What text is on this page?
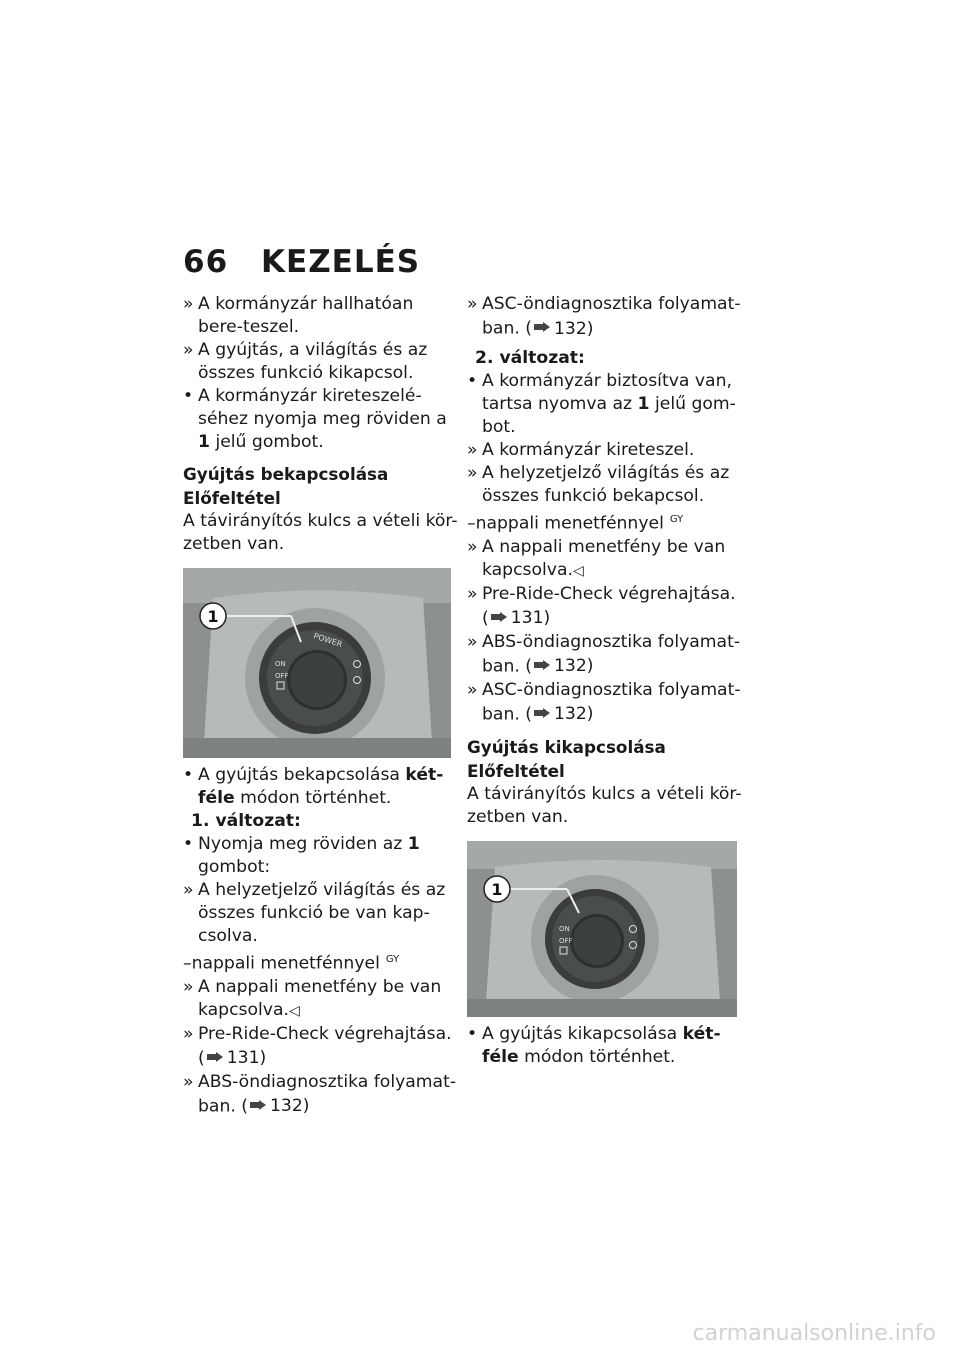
66 KEZELÉS
» A kormányzár hallhatóan bere-teszel.
» A gyújtás, a világítás és az összes funkció kikapcsol.
• A kormányzár kireteszelé-séhez nyomja meg röviden a 1 jelű gombot.
Gyújtás bekapcsolása
Előfeltétel
A távirányítós kulcs a vételi kör-zetben van.
1
POWER
ON
OFF
• A gyújtás bekapcsolása két-féle módon történhet.
1. változat:
• Nyomja meg röviden az 1 gombot:
» A helyzetjelző világítás és az összes funkció be van kap-csolva.
–nappali menetfénnyel $^{GY}$
» A nappali menetfény be van kapcsolva.◁
» Pre-Ride-Check végrehajtása.
( 131)
» ABS-öndiagnosztika folyamat-ban. ( 132)
» ASC-öndiagnosztika folyamat-ban. ( 132)
2. változat:
• A kormányzár biztosítva van, tartsa nyomva az 1 jelű gom-bot.
» A kormányzár kireteszel.
» A helyzetjelző világítás és az összes funkció bekapcsol.
–nappali menetfénnyel $^{GY}$
» A nappali menetfény be van kapcsolva.◁
» Pre-Ride-Check végrehajtása.
( 131)
» ABS-öndiagnosztika folyamat-ban. ( 132)
» ASC-öndiagnosztika folyamat-ban. ( 132)
Gyújtás kikapcsolása
Előfeltétel
A távirányítós kulcs a vételi kör-zetben van.
1
ON
OFF
• A gyújtás kikapcsolása két-féle módon történhet.
carmanualsonline.info
